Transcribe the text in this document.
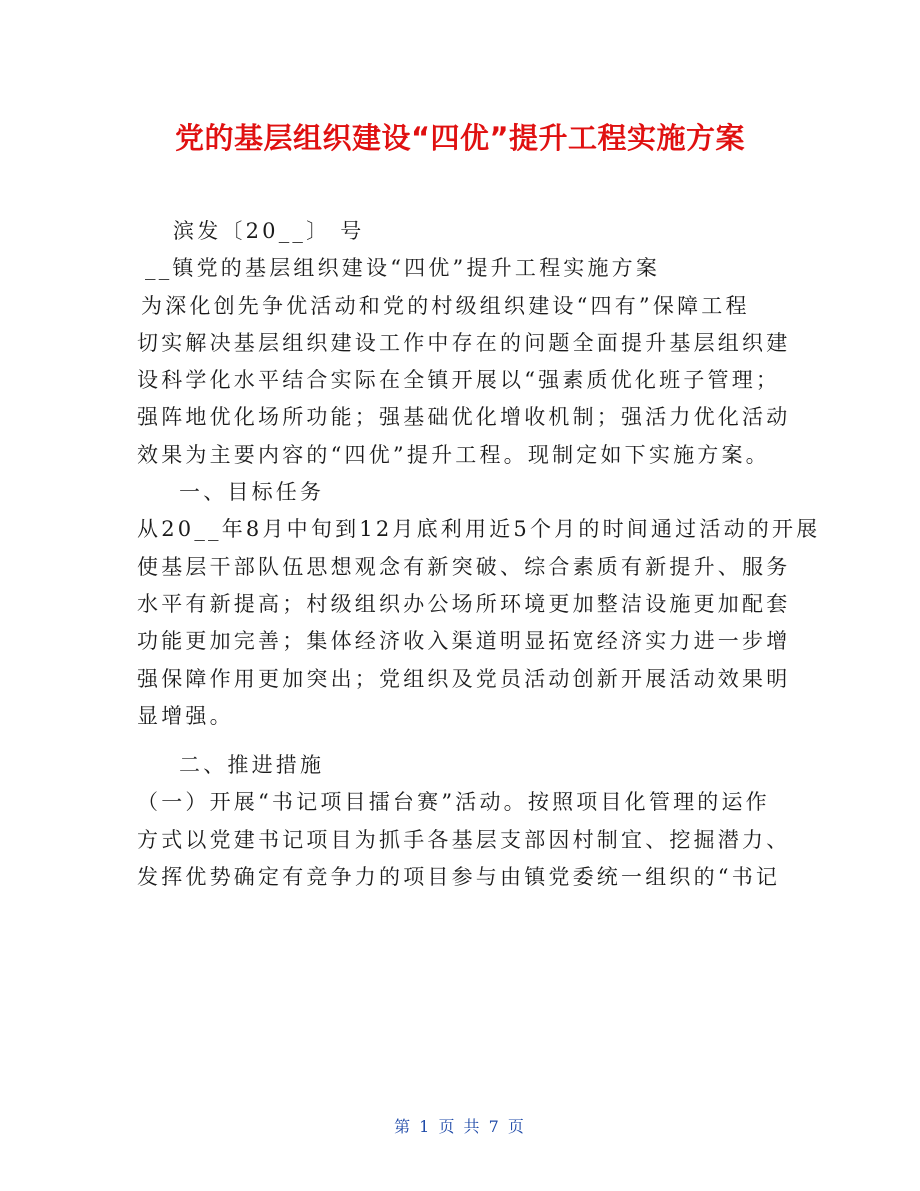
党的基层组织建设“四优”提升工程实施方案
滨发〔20__〕 号
__镇党的基层组织建设“四优”提升工程实施方案
为深化创先争优活动和党的村级组织建设“四有”保障工程
切实解决基层组织建设工作中存在的问题全面提升基层组织建
设科学化水平结合实际在全镇开展以“强素质优化班子管理；
强阵地优化场所功能；强基础优化增收机制；强活力优化活动
效果为主要内容的“四优”提升工程。现制定如下实施方案。
一、目标任务
从20__年8月中旬到12月底利用近5个月的时间通过活动的开展
使基层干部队伍思想观念有新突破、综合素质有新提升、服务
水平有新提高；村级组织办公场所环境更加整洁设施更加配套
功能更加完善；集体经济收入渠道明显拓宽经济实力进一步增
强保障作用更加突出；党组织及党员活动创新开展活动效果明
显增强。
二、推进措施
（一）开展“书记项目擂台赛”活动。按照项目化管理的运作
方式以党建书记项目为抓手各基层支部因村制宜、挖掘潜力、
发挥优势确定有竞争力的项目参与由镇党委统一组织的“书记
第 1 页 共 7 页
